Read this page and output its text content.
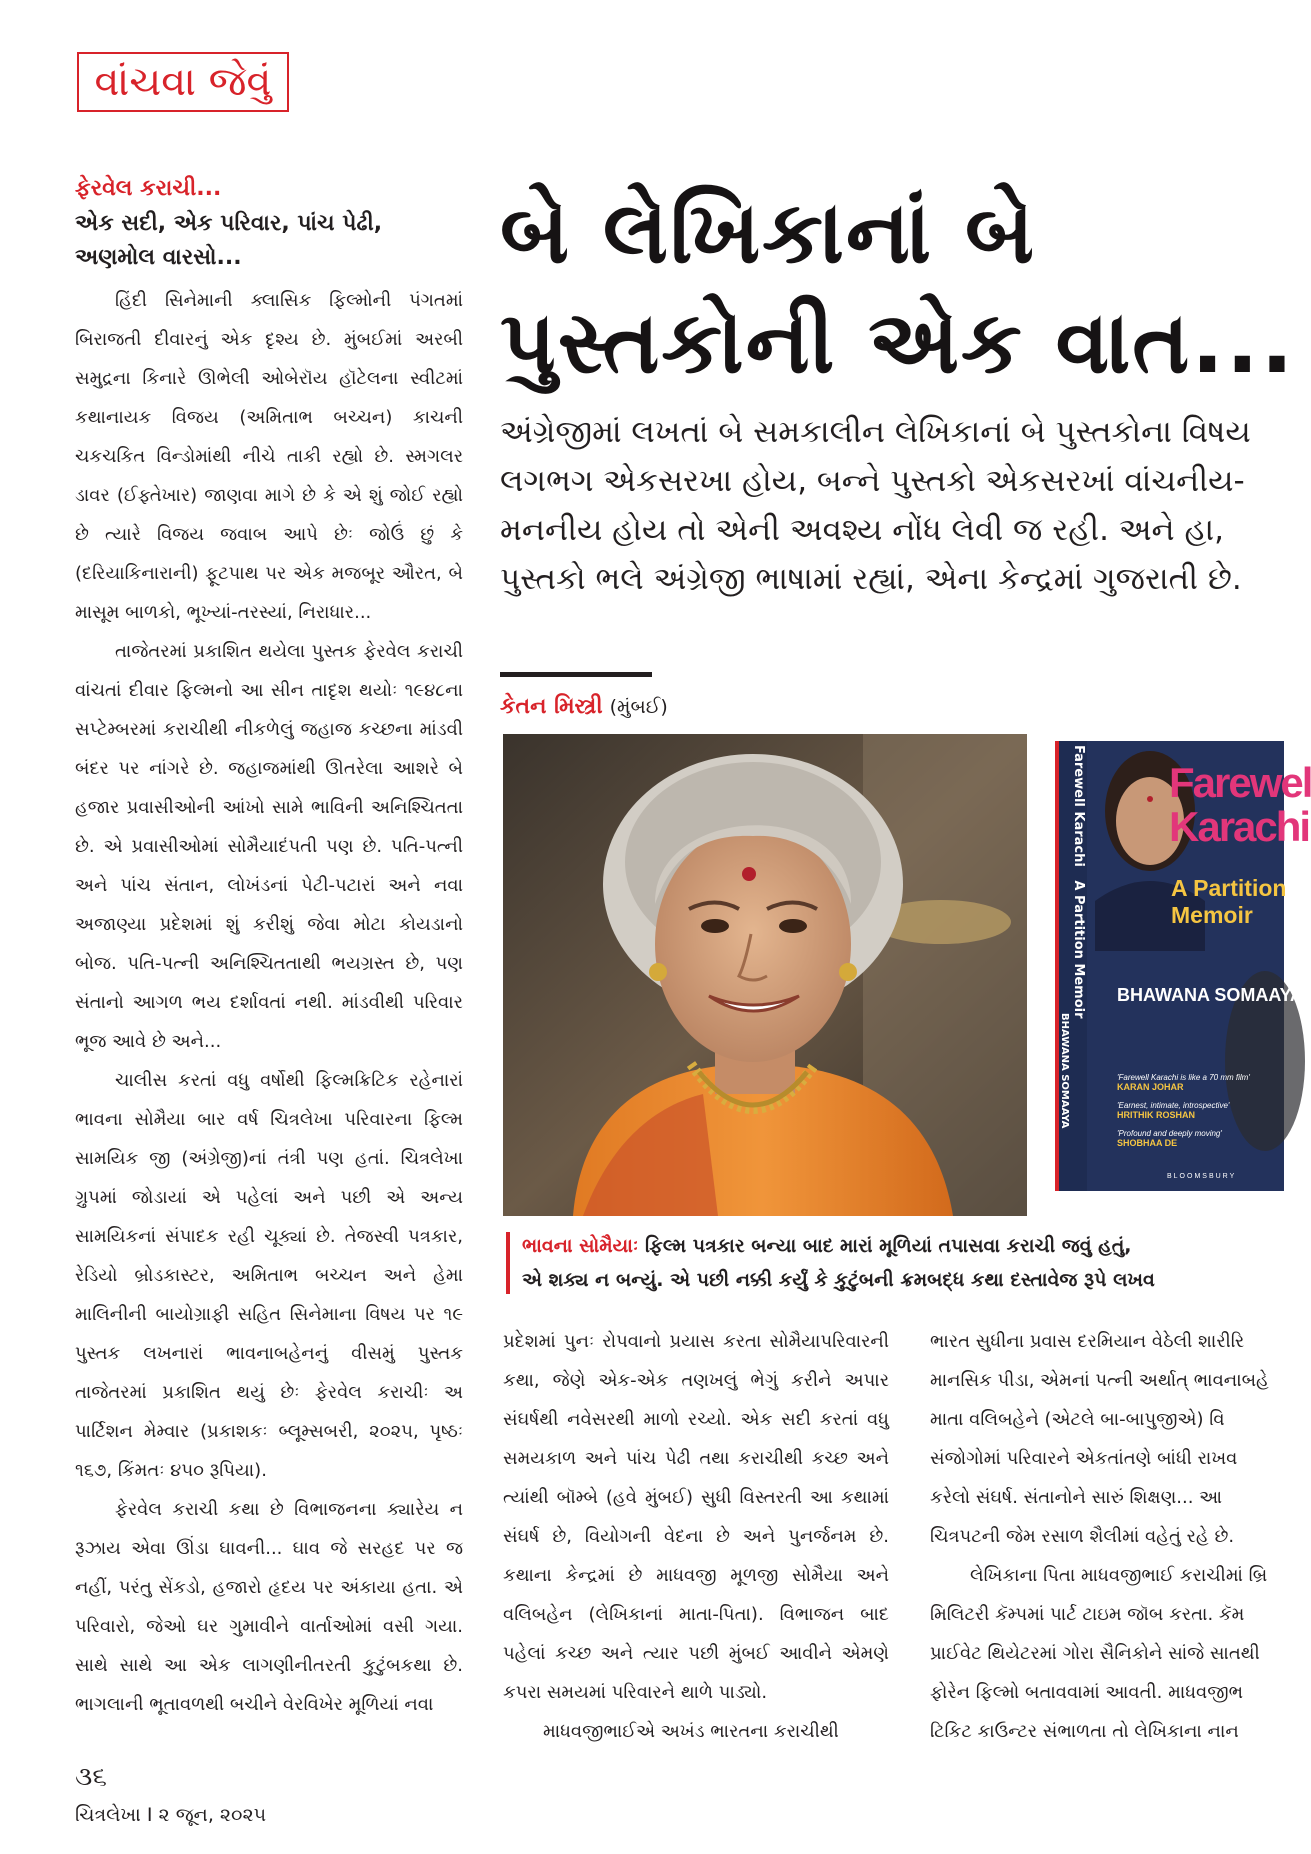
વાંચવા જેવું
ફેરવેલ કરાચી...
એક સદી, એક પરિવાર, પાંચ પેઢી, અણમોલ વારસો...

હિંદી સિનેમાની ક્લાસિક ફિલ્મોની પંગતમાં બિરાજતી દીવારનું એક દૃશ્ય છે. મુંબઈમાં અરબી સમુદ્રના કિનારે ઊભેલી ઓબેરૉય હૉટેલના સ્વીટમાં કથાનાયક વિજય (અમિતાભ બચ્ચન) કાચની ચકચકિત વિન્ડોમાંથી નીચે તાકી રહ્યો છે. સ્મગલર ડાવર (ઈફ્તેખાર) જાણવા માગે છે કે એ શું જોઈ રહ્યો છે ત્યારે વિજય જવાબ આપે છેઃ જોઉં છું કે (દરિયાકિનારાની) ફૂટપાથ પર એક મજબૂર ઔરત, બે માસૂમ બાળકો, ભૂખ્યાં-તરસ્યાં, નિરાધાર...

તાજેતરમાં પ્રકાશિત થયેલા પુસ્તક ફેરવેલ કરાચી વાંચતાં દીવાર ફિલ્મનો આ સીન તાદૃશ થયોઃ ૧૯૪૮ના સપ્ટેમ્બરમાં કરાચીથી નીકળેલું જહાજ કચ્છના માંડવી બંદર પર નાંગરે છે. જહાજમાંથી ઊતરેલા આશરે બે હજાર પ્રવાસીઓની આંખો સામે ભાવિની અનિશ્ચિતતા છે. એ પ્રવાસીઓમાં સોમૈયાદંપતી પણ છે. પતિ-પત્ની અને પાંચ સંતાન, લોખંડનાં પેટી-પટારાં અને નવા અજાણ્યા પ્રદેશમાં શું કરીશું જેવા મોટા કોયડાનો બોજ. પતિ-પત્ની અનિશ્ચિતતાથી ભયગ્રસ્ત છે, પણ સંતાનો આગળ ભય દર્શાવતાં નથી. માંડવીથી પરિવાર ભૂજ આવે છે અને...

ચાલીસ કરતાં વધુ વર્ષોથી ફિલ્મક્રિટિક રહેનારાં ભાવના સોમૈયા બાર વર્ષ ચિત્રલેખા પરિવારના ફિલ્મ સામયિક જી (અંગ્રેજી)નાં તંત્રી પણ હતાં. ચિત્રલેખા ગ્રુપમાં જોડાયાં એ પહેલાં અને પછી એ અન્ય સામયિકનાં સંપાદક રહી ચૂક્યાં છે. તેજસ્વી પત્રકાર, રેડિયો બ્રોડકાસ્ટર, અમિતાભ બચ્ચન અને હેમા માલિનીની બાયોગ્રાફી સહિત સિનેમાના વિષય પર ૧૯ પુસ્તક લખનારાં ભાવનાબહેનનું વીસમું પુસ્તક તાજેતરમાં પ્રકાશિત થયું છેઃ ફેરવેલ કરાચીઃ અ પાર્ટિશન મેમ્વાર (પ્રકાશકઃ બ્લૂમ્સબરી, ૨૦૨૫, પૃષ્ઠઃ ૧૬૭, કિંમતઃ ૪૫૦ રૂપિયા).

ફેરવેલ કરાચી કથા છે વિભાજનના ક્યારેય ન રૂઝાય એવા ઊંડા ઘાવની... ઘાવ જે સરહદ પર જ નહીં, પરંતુ સેંકડો, હજારો હૃદય પર અંકાયા હતા. એ પરિવારો, જેઓ ઘર ગુમાવીને વાર્તાઓમાં વસી ગયા. સાથે સાથે આ એક લાગણીનીતરતી કુટુંબકથા છે. ભાગલાની ભૂતાવળથી બચીને વેરવિખેર મૂળિયાં નવા

બે લેખિકાનાં બે
પુસ્તકોની એક વાત...

અંગ્રેજીમાં લખતાં બે સમકાલીન લેખિકાનાં બે પુસ્તકોના વિષય લગભગ એકસરખા હોય, બન્ને પુસ્તકો એકસરખાં વાંચનીય-મનનીય હોય તો એની અવશ્ય નોંધ લેવી જ રહી. અને હા, પુસ્તકો ભલે અંગ્રેજી ભાષામાં રહ્યાં, એના કેન્દ્રમાં ગુજરાતી છે.

કેતન મિસ્ત્રી (મુંબઈ)
Farewell Karachi   A Partition Memoir
BHAWANA SOMAAYA
Farewel
Karachi
A Partition
Memoir
BHAWANA SOMAAYA
'Farewell Karachi is like a 70 mm film'
KARAN JOHAR
'Earnest, intimate, introspective'
HRITHIK ROSHAN
'Profound and deeply moving'
SHOBHAA DE
BLOOMSBURY

ભાવના સોમૈયાઃ ફિલ્મ પત્રકાર બન્યા બાદ મારાં મૂળિયાં તપાસવા કરાચી જવું હતું,
એ શક્ય ન બન્યું. એ પછી નક્કી કર્યું કે કુટુંબની ક્રમબદ્ધ કથા દસ્તાવેજ રૂપે લખવ

પ્રદેશમાં પુનઃ રોપવાનો પ્રયાસ કરતા સોમૈયાપરિવારની કથા, જેણે એક-એક તણખલું ભેગું કરીને અપાર સંઘર્ષથી નવેસરથી માળો રચ્યો. એક સદી કરતાં વધુ સમયકાળ અને પાંચ પેઢી તથા કરાચીથી કચ્છ અને ત્યાંથી બૉમ્બે (હવે મુંબઈ) સુધી વિસ્તરતી આ કથામાં સંઘર્ષ છે, વિયોગની વેદના છે અને પુનર્જનમ છે. કથાના કેન્દ્રમાં છે માધવજી મૂળજી સોમૈયા અને વલિબહેન (લેખિકાનાં માતા-પિતા). વિભાજન બાદ પહેલાં કચ્છ અને ત્યાર પછી મુંબઈ આવીને એમણે કપરા સમયમાં પરિવારને થાળે પાડ્યો.

માધવજીભાઈએ અખંડ ભારતના કરાચીથી

ભારત સુધીના પ્રવાસ દરમિયાન વેઠેલી શારીરિ

માનસિક પીડા, એમનાં પત્ની અર્થાત્ ભાવનાબહે

માતા વલિબહેને (એટલે બા-બાપુજીએ) વિ

સંજોગોમાં પરિવારને એકતાંતણે બાંધી રાખવ

કરેલો સંઘર્ષ. સંતાનોને સારું શિક્ષણ... આ

ચિત્રપટની જેમ રસાળ શૈલીમાં વહેતું રહે છે.

લેખિકાના પિતા માધવજીભાઈ કરાચીમાં બ્રિ

મિલિટરી કૅમ્પમાં પાર્ટ ટાઇમ જૉબ કરતા. કૅમ

પ્રાઈવેટ થિયેટરમાં ગોરા સૈનિકોને સાંજે સાતથી

ફોરેન ફિલ્મો બતાવવામાં આવતી. માધવજીભ

ટિકિટ કાઉન્ટર સંભાળતા તો લેખિકાના નાન

૩૬
ચિત્રલેખા I ૨ જૂન, ૨૦૨૫
